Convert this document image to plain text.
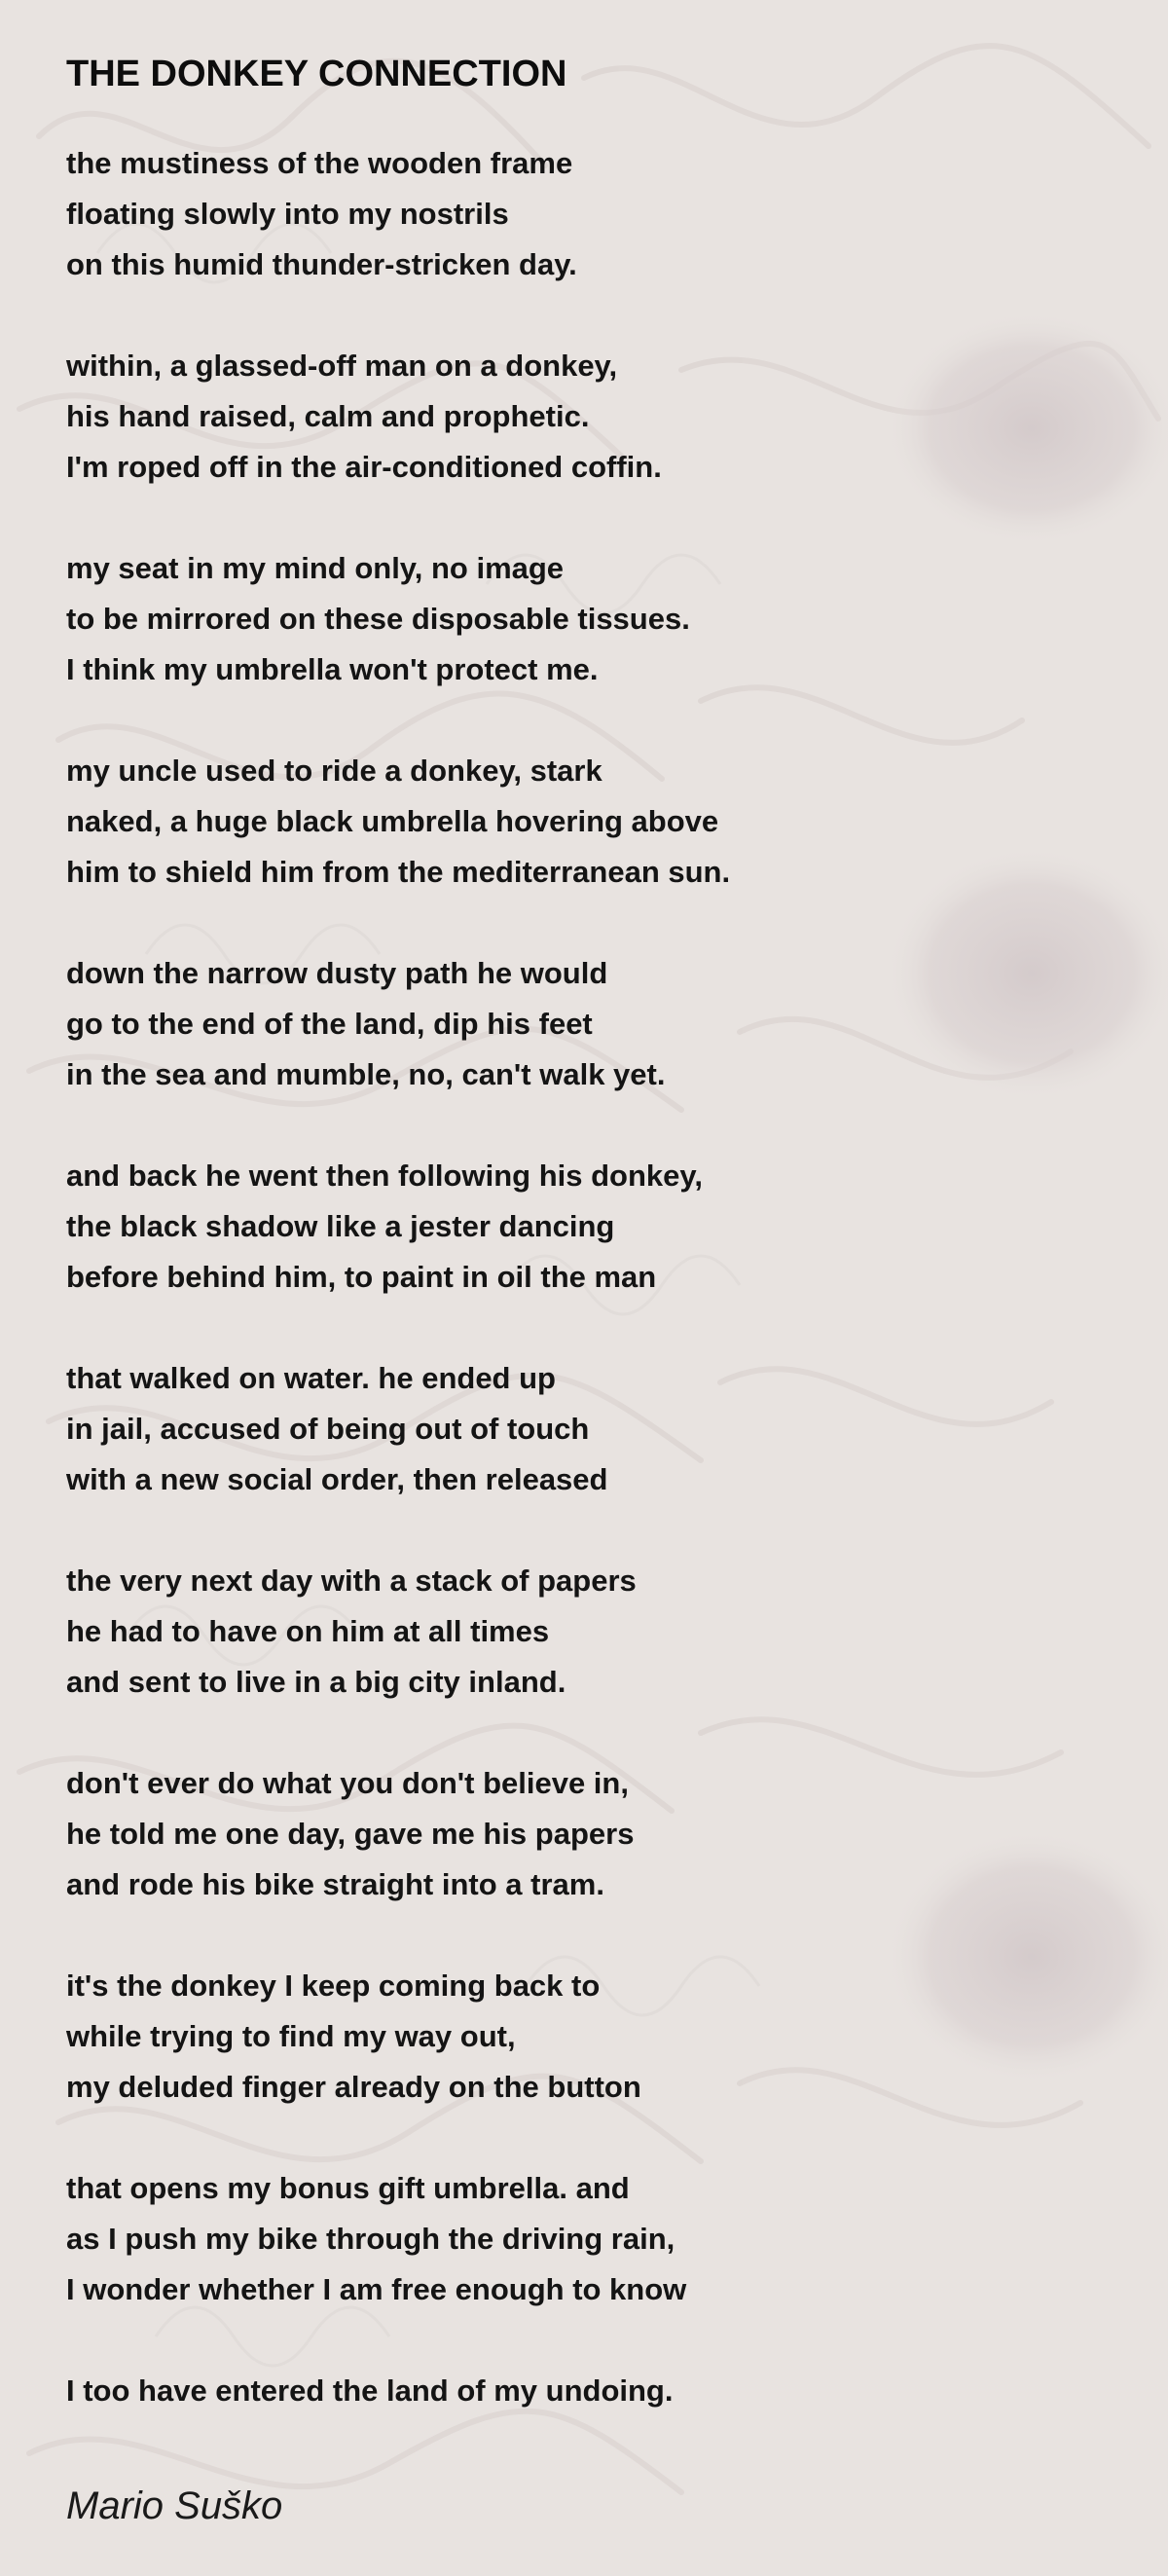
THE DONKEY CONNECTION
the mustiness of the wooden frame
floating slowly into my nostrils
on this humid thunder-stricken day.
within, a glassed-off man on a donkey,
his hand raised, calm and prophetic.
I'm roped off in the air-conditioned coffin.
my seat in my mind only, no image
to be mirrored on these disposable tissues.
I think my umbrella won't protect me.
my uncle used to ride a donkey, stark
naked, a huge black umbrella hovering above
him to shield him from the mediterranean sun.
down the narrow dusty path he would
go to the end of the land, dip his feet
in the sea and mumble, no, can't walk yet.
and back he went then following his donkey,
the black shadow like a jester dancing
before behind him, to paint in oil the man
that walked on water. he ended up
in jail, accused of being out of touch
with a new social order, then released
the very next day with a stack of papers
he had to have on him at all times
and sent to live in a big city inland.
don't ever do what you don't believe in,
he told me one day, gave me his papers
and rode his bike straight into a tram.
it's the donkey I keep coming back to
while trying to find my way out,
my deluded finger already on the button
that opens my bonus gift umbrella. and
as I push my bike through the driving rain,
I wonder whether I am free enough to know
I too have entered the land of my undoing.
Mario Suško
